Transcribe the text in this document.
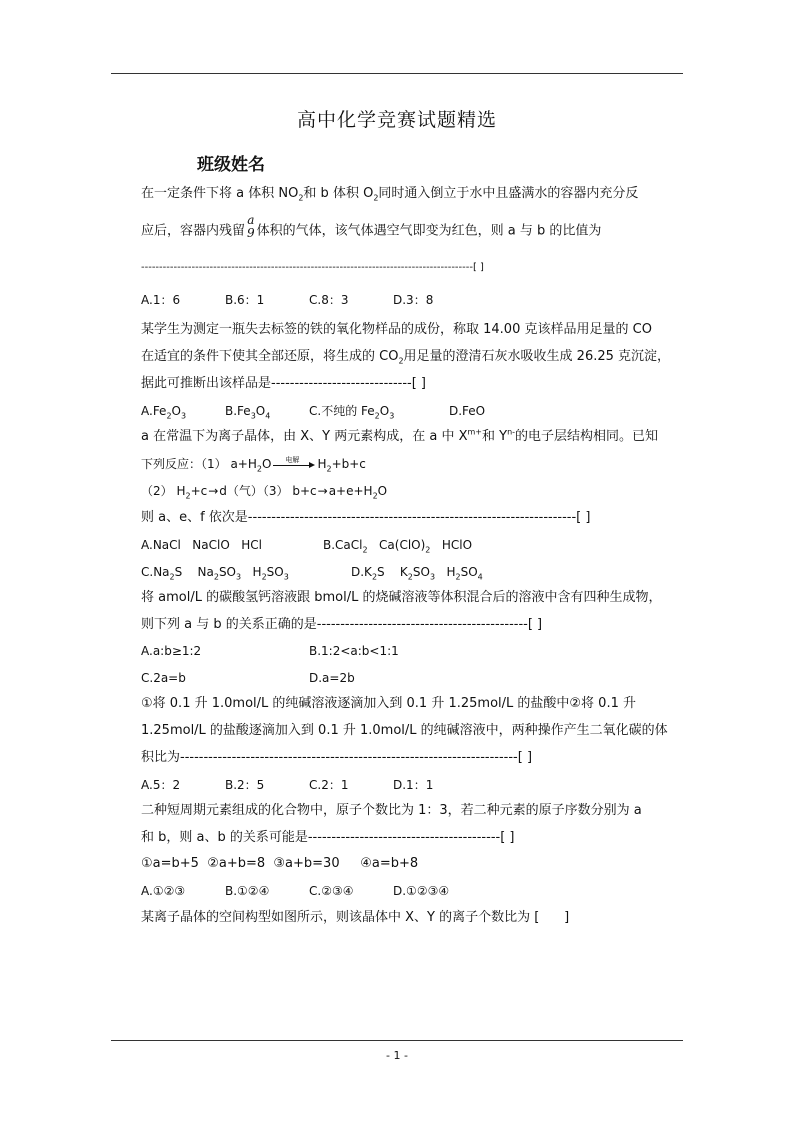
高中化学竞赛试题精选
班级姓名
在一定条件下将 a 体积 $NO_2$和 b 体积 $O_2$同时通入倒立于水中且盛满水的容器内充分反
应后，容器内残留
a
9 体积的气体，该气体遇空气即变为红色，则 a 与 b 的比值为
--------------------------------------------------------------------------------------------[ ]
A.1：6	B.6：1	C.8：3	D.3：8
某学生为测定一瓶失去标签的铁的氧化物样品的成份，称取 14.00 克该样品用足量的 CO
在适宜的条件下使其全部还原，将生成的 $CO_2$用足量的澄清石灰水吸收生成 26.25 克沉淀，
据此可推断出该样品是------------------------------[ ]
$A.Fe_2O_3$	$B.Fe_3O_4$	C.不纯的 $Fe_2O_3$	D.FeO
a 在常温下为离子晶体，由 X、Y 两元素构成，在 a 中 $X^{m+}$和 $Y^{n-}$的电子层结构相同。已知
下列反应：（1） $a+H_2O$	电解	$H_2+b+c$
（2） $H_2+c\to d$（气）（3） $b+c\to a+e+H_2O$
则 a、e、f 依次是----------------------------------------------------------------------[ ]
A.NaCl   NaClO   HCl	B.CaCl$_2$   $Ca(ClO)_2$   HClO
$C.Na_2S$    $Na_2SO_3$   $H_2SO_3$	$D.K_2S$    $K_2SO_3$   $H_2SO_4$
将 amol/L 的碳酸氢钙溶液跟 bmol/L 的烧碱溶液等体积混合后的溶液中含有四种生成物，
则下列 a 与 b 的关系正确的是---------------------------------------------[ ]
A.a:b≥1:2	B.1:2<a:b<1:1
C.2a=b	D.a=2b
①将 0.1 升 1.0mol/L 的纯碱溶液逐滴加入到 0.1 升 1.25mol/L 的盐酸中②将 0.1 升
1.25mol/L 的盐酸逐滴加入到 0.1 升 1.0mol/L 的纯碱溶液中，两种操作产生二氧化碳的体
积比为------------------------------------------------------------------------[ ]
A.5：2	B.2：5	C.2：1	D.1：1
二种短周期元素组成的化合物中，原子个数比为 1：3，若二种元素的原子序数分别为 a
和 b，则 a、b 的关系可能是-----------------------------------------[ ]
①a=b+5  ②a+b=8  ③a+b=30     ④a=b+8
A.①②③	B.①②④	C.②③④	D.①②③④
某离子晶体的空间构型如图所示，则该晶体中 X、Y 的离子个数比为 [      ]
- 1 -
